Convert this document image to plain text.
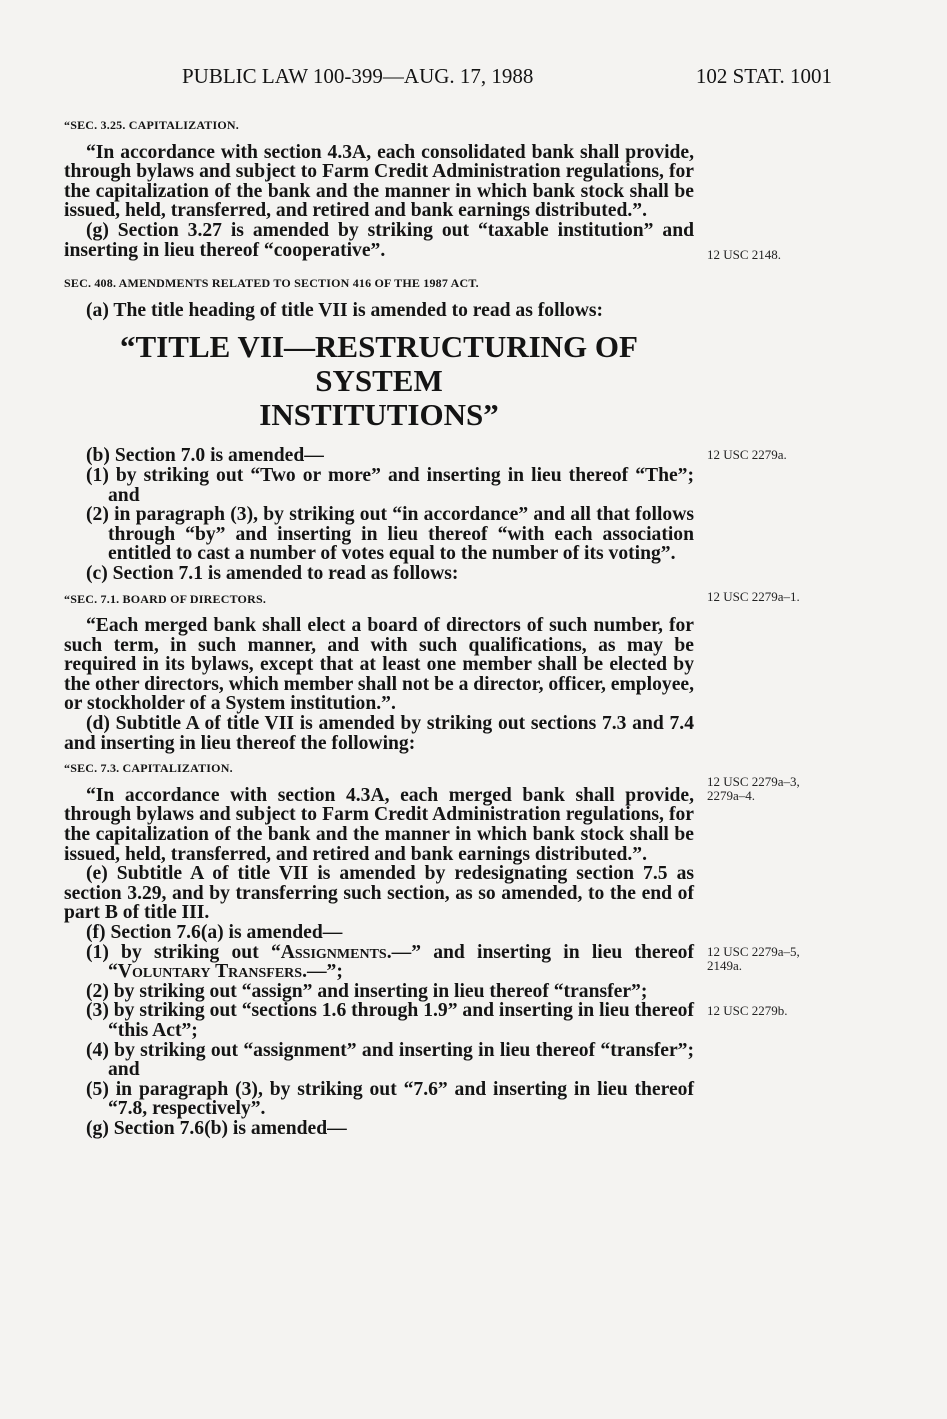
PUBLIC LAW 100-399—AUG. 17, 1988	102 STAT. 1001
“SEC. 3.25. CAPITALIZATION.

“In accordance with section 4.3A, each consolidated bank shall provide, through bylaws and subject to Farm Credit Administration regulations, for the capitalization of the bank and the manner in which bank stock shall be issued, held, transferred, and retired and bank earnings distributed.”.

(g) Section 3.27 is amended by striking out “taxable institution” and inserting in lieu thereof “cooperative”.

SEC. 408. AMENDMENTS RELATED TO SECTION 416 OF THE 1987 ACT.

(a) The title heading of title VII is amended to read as follows:

“TITLE VII—RESTRUCTURING OF SYSTEM
INSTITUTIONS”

(b) Section 7.0 is amended—

(1) by striking out “Two or more” and inserting in lieu thereof “The”; and

(2) in paragraph (3), by striking out “in accordance” and all that follows through “by” and inserting in lieu thereof “with each association entitled to cast a number of votes equal to the number of its voting”.

(c) Section 7.1 is amended to read as follows:

“SEC. 7.1. BOARD OF DIRECTORS.

“Each merged bank shall elect a board of directors of such number, for such term, in such manner, and with such qualifications, as may be required in its bylaws, except that at least one member shall be elected by the other directors, which member shall not be a director, officer, employee, or stockholder of a System institution.”.

(d) Subtitle A of title VII is amended by striking out sections 7.3 and 7.4 and inserting in lieu thereof the following:

“SEC. 7.3. CAPITALIZATION.

“In accordance with section 4.3A, each merged bank shall provide, through bylaws and subject to Farm Credit Administration regulations, for the capitalization of the bank and the manner in which bank stock shall be issued, held, transferred, and retired and bank earnings distributed.”.

(e) Subtitle A of title VII is amended by redesignating section 7.5 as section 3.29, and by transferring such section, as so amended, to the end of part B of title III.

(f) Section 7.6(a) is amended—

(1) by striking out “Assignments.—” and inserting in lieu thereof “Voluntary Transfers.—”;

(2) by striking out “assign” and inserting in lieu thereof “transfer”;

(3) by striking out “sections 1.6 through 1.9” and inserting in lieu thereof “this Act”;

(4) by striking out “assignment” and inserting in lieu thereof “transfer”; and

(5) in paragraph (3), by striking out “7.6” and inserting in lieu thereof “7.8, respectively”.

(g) Section 7.6(b) is amended—

12 USC 2148.
12 USC 2279a.
12 USC 2279a–1.
12 USC 2279a–3,
2279a–4.
12 USC 2279a–5,
2149a.
12 USC 2279b.
